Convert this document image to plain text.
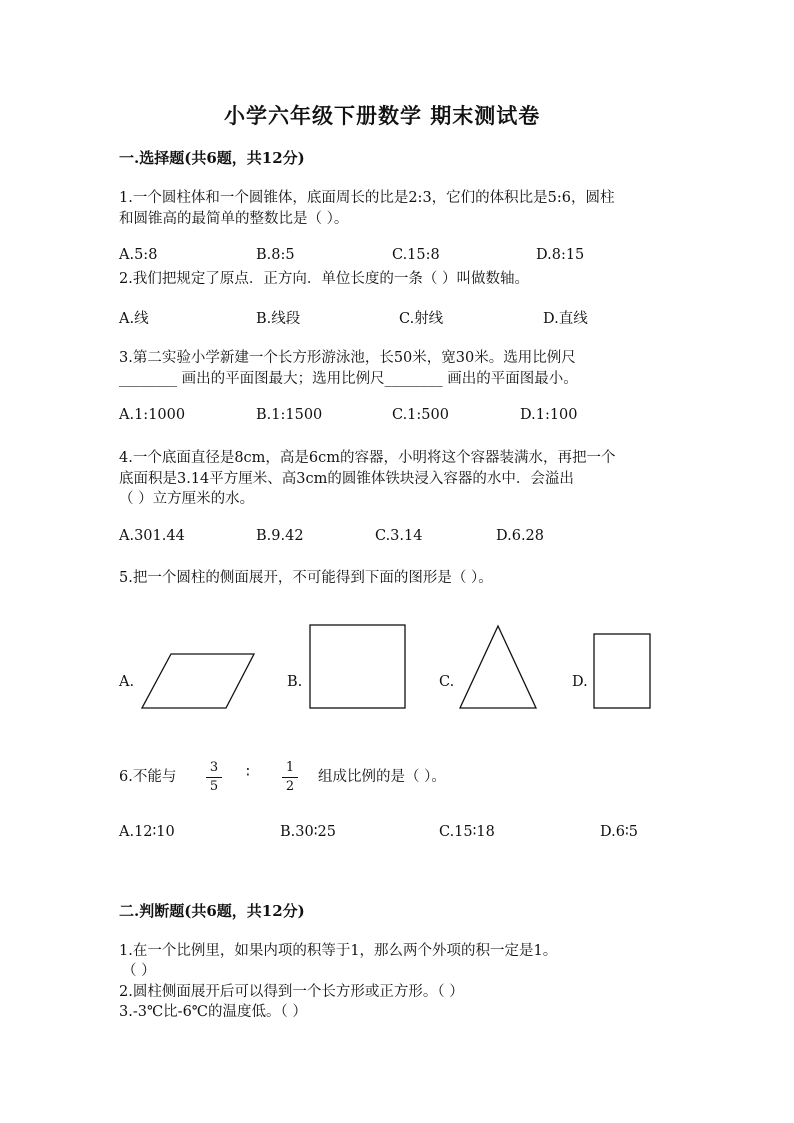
小学六年级下册数学 期末测试卷
一.选择题(共6题，共12分)
1.一个圆柱体和一个圆锥体，底面周长的比是2:3，它们的体积比是5:6，圆柱
和圆锥高的最简单的整数比是（ ）。
A.5:8	B.8:5	C.15:8	D.8:15
2.我们把规定了原点．正方向．单位长度的一条（ ）叫做数轴。
A.线	B.线段	C.射线	D.直线
3.第二实验小学新建一个长方形游泳池，长50米，宽30米。选用比例尺
________ 画出的平面图最大；选用比例尺________ 画出的平面图最小。
A.1:1000	B.1:1500	C.1:500	D.1:100
4.一个底面直径是8cm，高是6cm的容器，小明将这个容器装满水，再把一个
底面积是3.14平方厘米、高3cm的圆锥体铁块浸入容器的水中．会溢出
（ ）立方厘米的水。
A.301.44	B.9.42	C.3.14	D.6.28
5.把一个圆柱的侧面展开，不可能得到下面的图形是（ ）。
A.	B.	C.	D.
6.不能与
3
5
∶	1
2
组成比例的是（ ）。
A.12∶10	B.30∶25	C.15∶18	D.6∶5
二.判断题(共6题，共12分)
1.在一个比例里，如果内项的积等于1，那么两个外项的积一定是1。
（ ）
2.圆柱侧面展开后可以得到一个长方形或正方形。（ ）
3.-3℃比-6℃的温度低。（ ）
